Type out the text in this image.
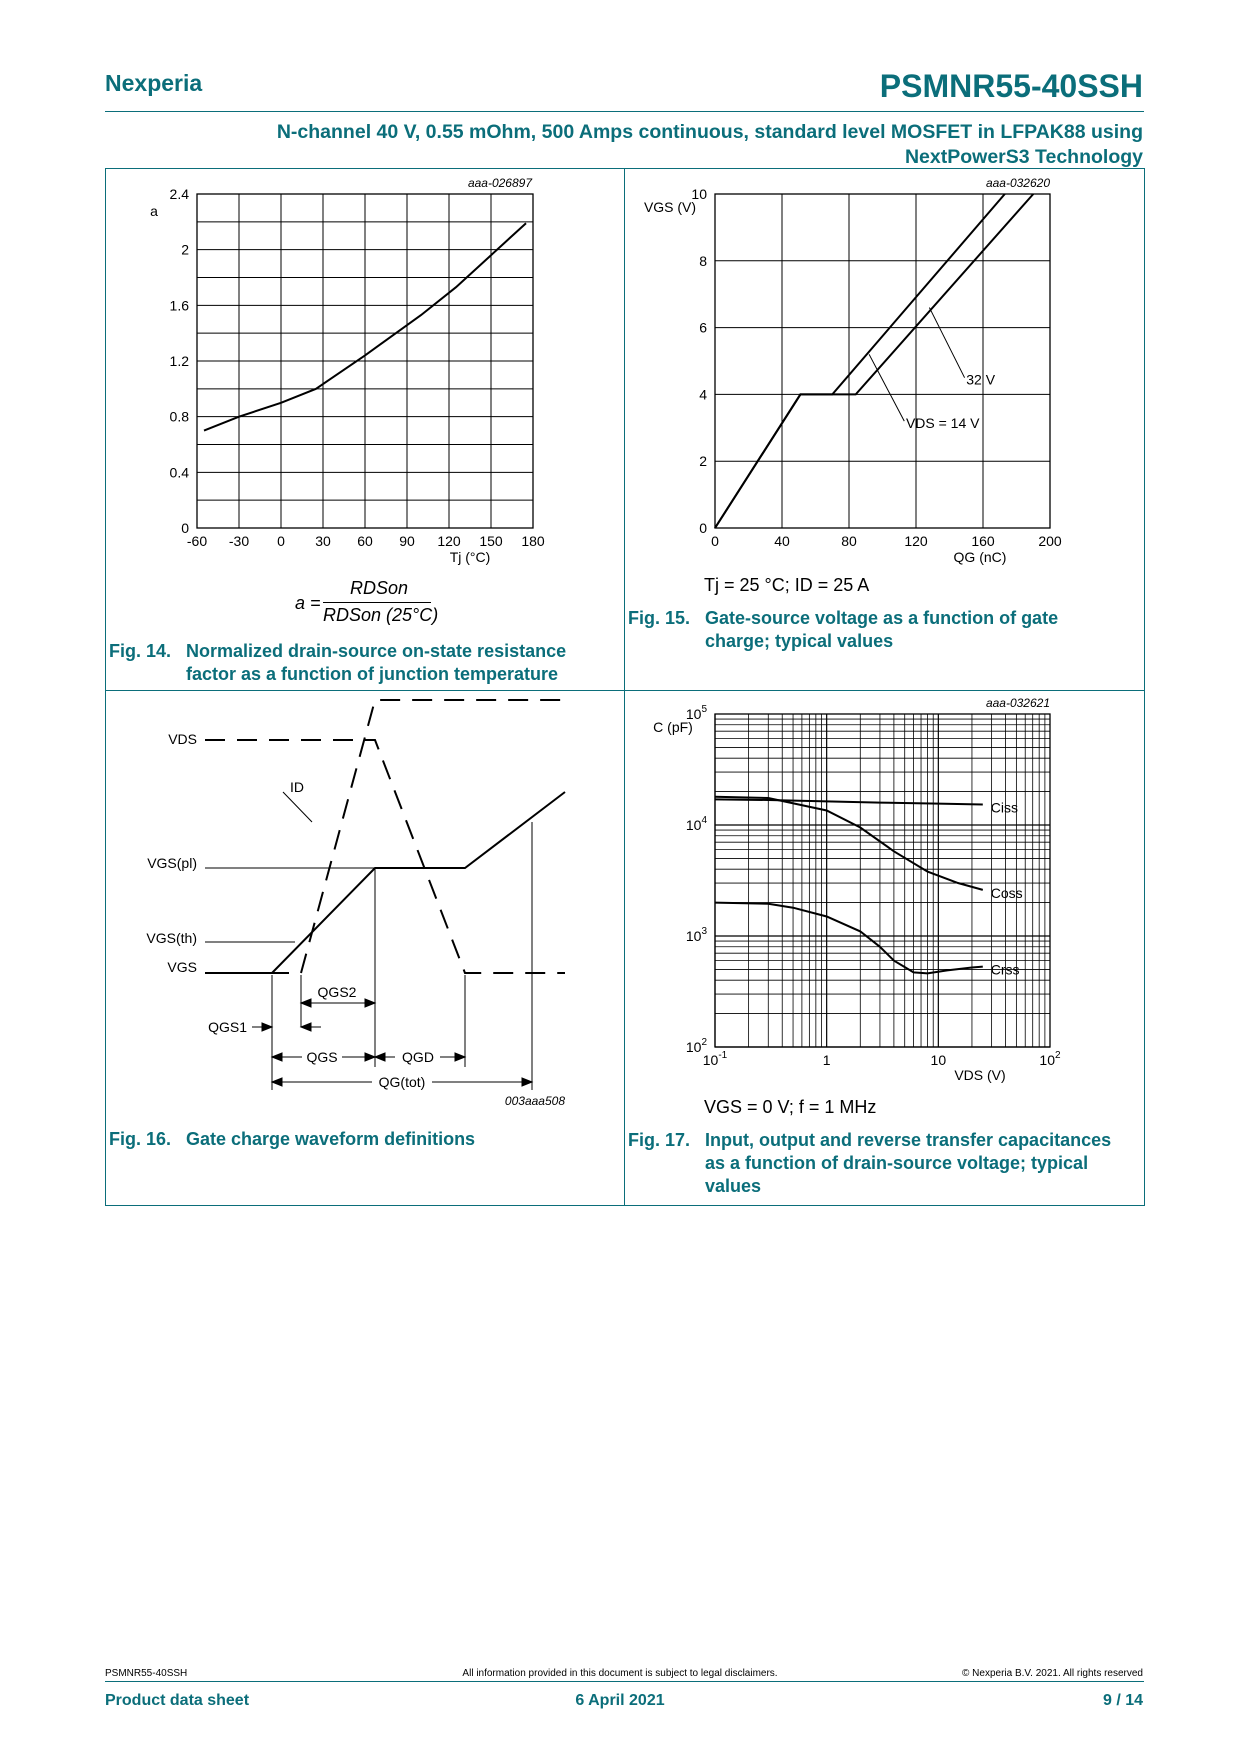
Nexperia	PSMNR55-40SSH
N-channel 40 V, 0.55 mOhm, 500 Amps continuous, standard level MOSFET in LFPAK88 using
NextPowerS3 Technology
0
0.4
0.8
1.2
1.6
2
2.4
-60 -30 0 30 60 90 120 150 180
aaa-026897
a
Tj (°C)
a =
RDSon
RDSon (25°C)
Fig. 14. Normalized drain-source on-state resistance factor as a function of junction temperature
0
2
4
6
8
10
0	40	80	120	160	200
VDS = 14 V
32 V
aaa-032620
VGS (V)
QG (nC)
Tj = 25 °C; ID = 25 A
Fig. 15. Gate-source voltage as a function of gate charge; typical values
VDS
ID
VGS(pl)
VGS(th)
VGS
QGS2
QGS1
QGS	QGD
QG(tot)
003aaa508
Fig. 16. Gate charge waveform definitions
$10^2$
$10^3$
$10^4$
$10^5$
$10^{-1}$	1	10	$10^2$
Ciss
Coss
Crss
aaa-032621
C (pF)
VDS (V)
VGS = 0 V; f = 1 MHz
Fig. 17. Input, output and reverse transfer capacitances as a function of drain-source voltage; typical values
PSMNR55-40SSH	All information provided in this document is subject to legal disclaimers.	© Nexperia B.V. 2021. All rights reserved
Product data sheet	6 April 2021	9 / 14
